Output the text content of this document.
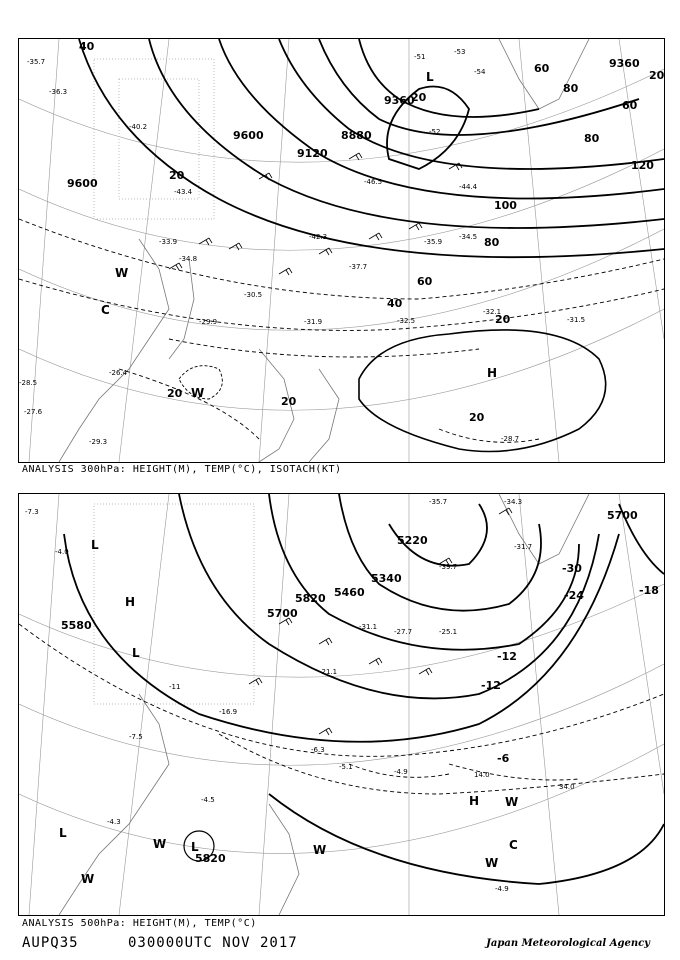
9360
9600
8880
9120
9360
9600
40
60
80
100
80
60
40
20
20
20
20
20
60
80
120
20
20
-51
-52
-53
-54
-46.5
-44.4
-42.3
-37.7
-35.9
-34.5
-32.5
-32.1
-31.9	-31.5
-30.5
-29.9
-28.7
-28.5
-27.6
-26.4
-29.3
-33.9
-34.8
-36.3
-35.7
-40.2
-43.4
H
L
C
W
W
ANALYSIS 300hPa: HEIGHT(M), TEMP(°C), ISOTACH(KT)
5700
5580
5460
5340
5220
5700
5820
5820
-39.7
-35.7	-34.3
-31.7
-30
-24	-18
-12
-6
-31.1
-27.7	-25.1
-21.1
-16.9
-12
-11
-6.3
-5.1
-4.9
-4.9
-4.3
-4.5
-7.3
-4.0
34.0
14.0
-7.5
H
H
L
L
L
L
C
W
W
W
W
W
ANALYSIS 500hPa: HEIGHT(M), TEMP(°C)
AUPQ35	030000UTC NOV 2017	Japan Meteorological Agency
